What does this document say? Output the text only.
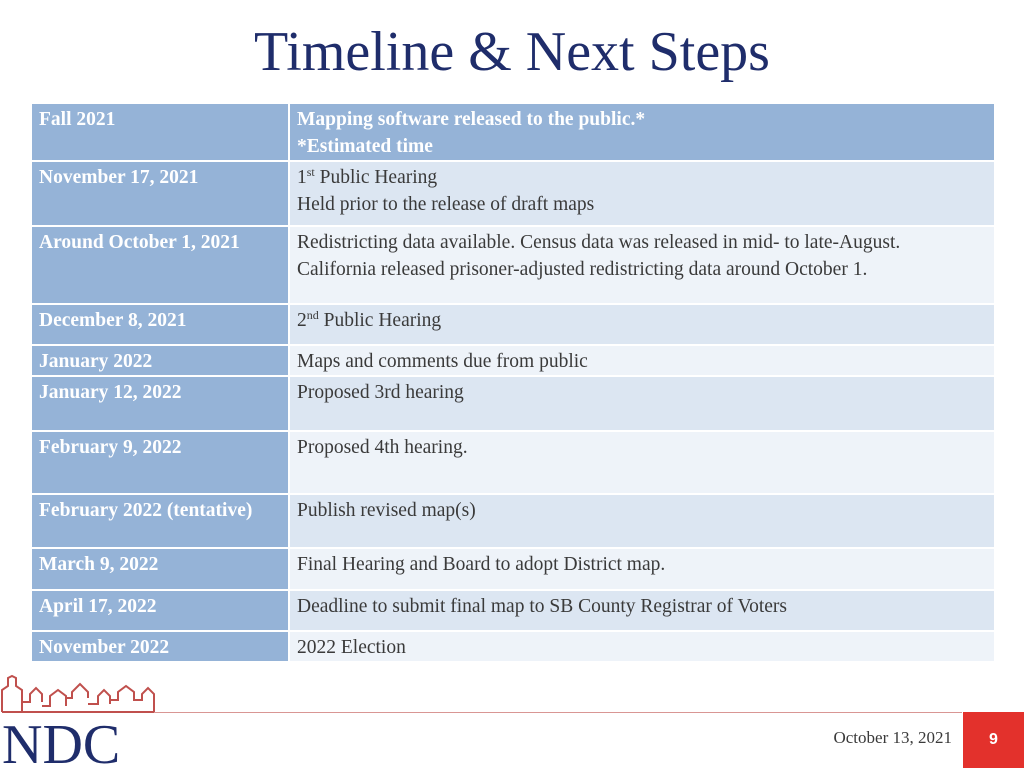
Timeline & Next Steps
Fall 2021	Mapping software released to the public.*
*Estimated time

November 17, 2021	1st Public Hearing
Held prior to the release of draft maps

Around October 1, 2021	Redistricting data available. Census data was released in mid- to late-August.
California released prisoner-adjusted redistricting data around October 1.

December 8, 2021	2nd Public Hearing

January 2022	Maps and comments due from public

January 12, 2022	Proposed 3rd hearing

February 9, 2022	Proposed 4th hearing.

February 2022 (tentative)	Publish revised map(s)

March 9, 2022	Final Hearing and Board to adopt District map.

April 17, 2022	Deadline to submit final map to SB County Registrar of Voters

November 2022	2022 Election
NDC	October 13, 2021	9
